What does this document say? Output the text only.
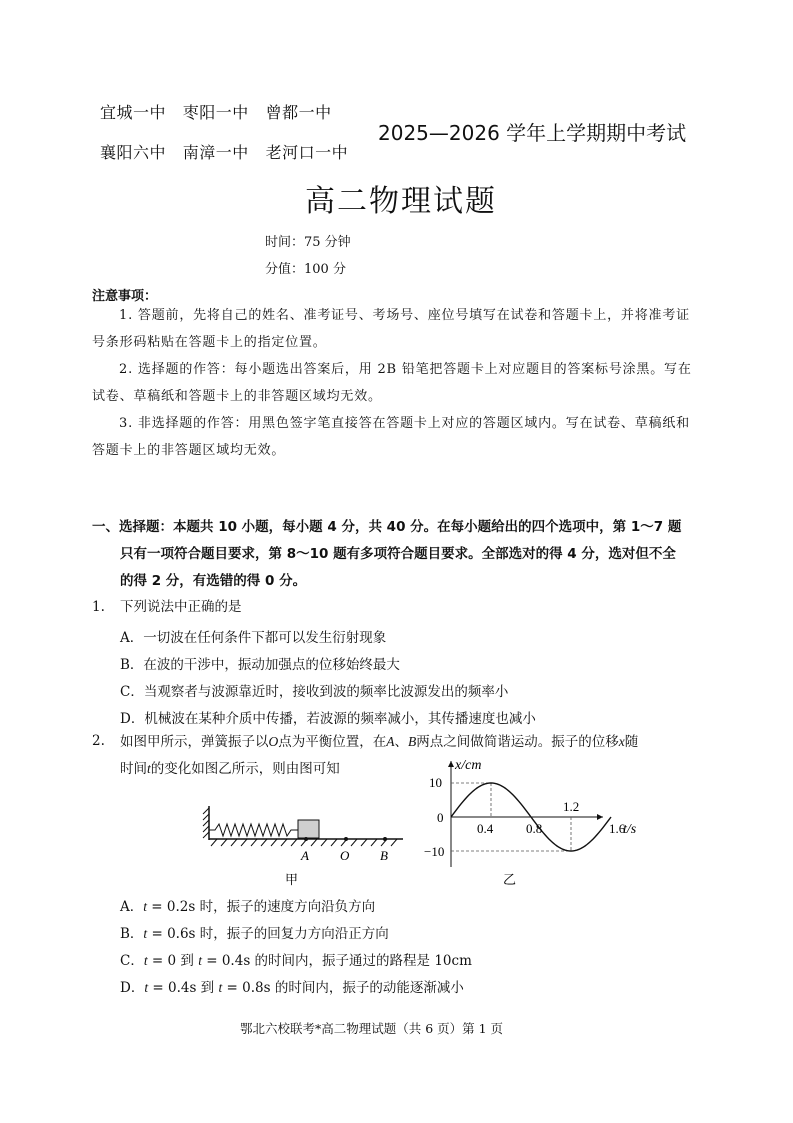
宜城一中 枣阳一中 曾都一中
襄阳六中 南漳一中 老河口一中
2025—2026 学年上学期期中考试
高二物理试题
时间：75 分钟
分值：100 分
注意事项：
1. 答题前，先将自己的姓名、准考证号、考场号、座位号填写在试卷和答题卡上，并将准考证号条形码粘贴在答题卡上的指定位置。
2. 选择题的作答：每小题选出答案后，用 2B 铅笔把答题卡上对应题目的答案标号涂黑。写在试卷、草稿纸和答题卡上的非答题区域均无效。
3. 非选择题的作答：用黑色签字笔直接答在答题卡上对应的答题区域内。写在试卷、草稿纸和答题卡上的非答题区域均无效。
一、选择题：本题共 10 小题，每小题 4 分，共 40 分。在每小题给出的四个选项中，第 1～7 题
只有一项符合题目要求，第 8～10 题有多项符合题目要求。全部选对的得 4 分，选对但不全
的得 2 分，有选错的得 0 分。
1. 下列说法中正确的是
A．一切波在任何条件下都可以发生衍射现象
B．在波的干涉中，振动加强点的位移始终最大
C．当观察者与波源靠近时，接收到波的频率比波源发出的频率小
D．机械波在某种介质中传播，若波源的频率减小，其传播速度也减小
2. 如图甲所示，弹簧振子以O点为平衡位置，在A、B两点之间做简谐运动。振子的位移x随
时间t的变化如图乙所示，则由图可知
A O B
甲
10
0
−10
0.4	0.8
1.2
1.6
x/cm
t/s
乙
A．t = 0.2s 时，振子的速度方向沿负方向
B．t = 0.6s 时，振子的回复力方向沿正方向
C．t = 0 到 t = 0.4s 的时间内，振子通过的路程是 10cm
D．t = 0.4s 到 t = 0.8s 的时间内，振子的动能逐渐减小
鄂北六校联考*高二物理试题（共 6 页）第 1 页
